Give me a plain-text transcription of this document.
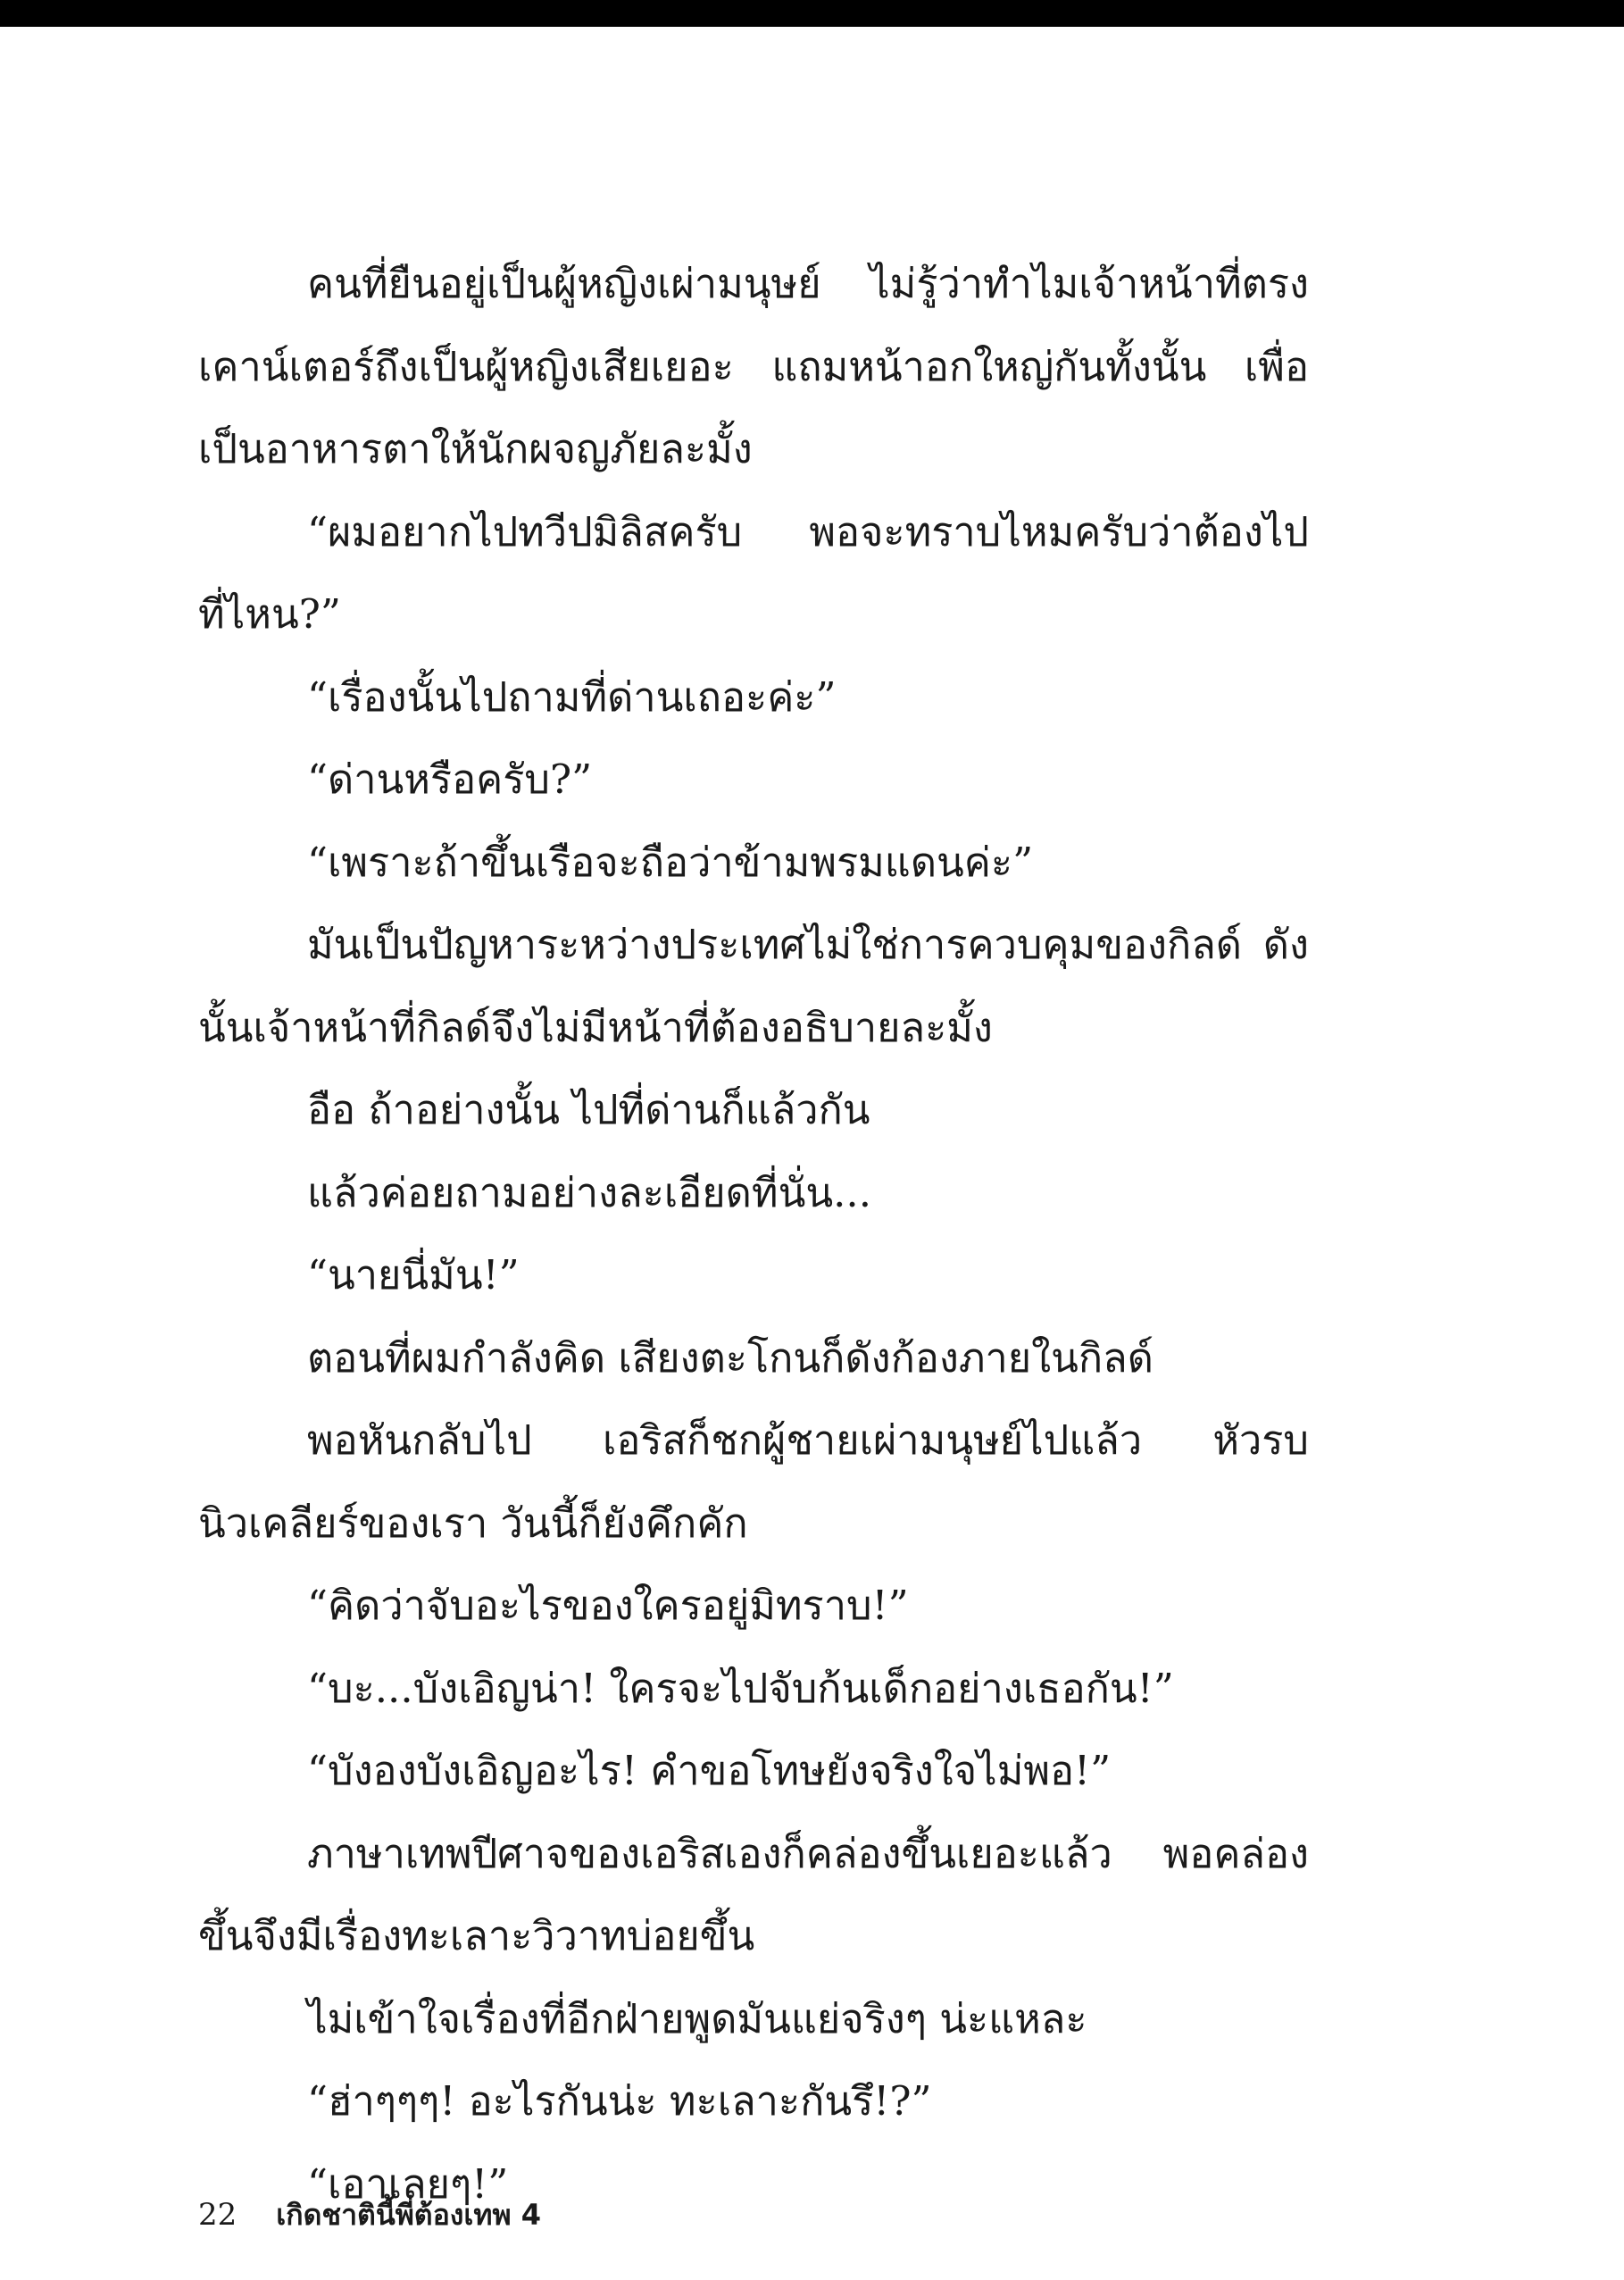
คนที่ยืนอยู่เป็นผู้หญิงเผ่ามนุษย์ ไม่รู้ว่าทำไมเจ้าหน้าที่ตรงเคาน์เตอร์ถึงเป็นผู้หญิงเสียเยอะ แถมหน้าอกใหญ่กันทั้งนั้น เพื่อเป็นอาหารตาให้นักผจญภัยละมั้ง

“ผมอยากไปทวีปมิลิสครับ พอจะทราบไหมครับว่าต้องไปที่ไหน?”

“เรื่องนั้นไปถามที่ด่านเถอะค่ะ”

“ด่านหรือครับ?”

“เพราะถ้าขึ้นเรือจะถือว่าข้ามพรมแดนค่ะ”

มันเป็นปัญหาระหว่างประเทศไม่ใช่การควบคุมของกิลด์ ดังนั้นเจ้าหน้าที่กิลด์จึงไม่มีหน้าที่ต้องอธิบายละมั้ง

อือ ถ้าอย่างนั้น ไปที่ด่านก็แล้วกัน

แล้วค่อยถามอย่างละเอียดที่นั่น...

“นายนี่มัน!”

ตอนที่ผมกำลังคิด เสียงตะโกนก็ดังก้องภายในกิลด์

พอหันกลับไป เอริสก็ชกผู้ชายเผ่ามนุษย์ไปแล้ว หัวรบนิวเคลียร์ของเรา วันนี้ก็ยังคึกคัก

“คิดว่าจับอะไรของใครอยู่มิทราบ!”

“บะ...บังเอิญน่า! ใครจะไปจับก้นเด็กอย่างเธอกัน!”

“บังองบังเอิญอะไร! คำขอโทษยังจริงใจไม่พอ!”

ภาษาเทพปีศาจของเอริสเองก็คล่องขึ้นเยอะแล้ว พอคล่องขึ้นจึงมีเรื่องทะเลาะวิวาทบ่อยขึ้น

ไม่เข้าใจเรื่องที่อีกฝ่ายพูดมันแย่จริงๆ น่ะแหละ

“ฮ่าๆๆๆ! อะไรกันน่ะ ทะเลาะกันรึ!?”

“เอาเลยๆ!”

22 เกิดชาตินี้พี่ต้องเทพ 4
